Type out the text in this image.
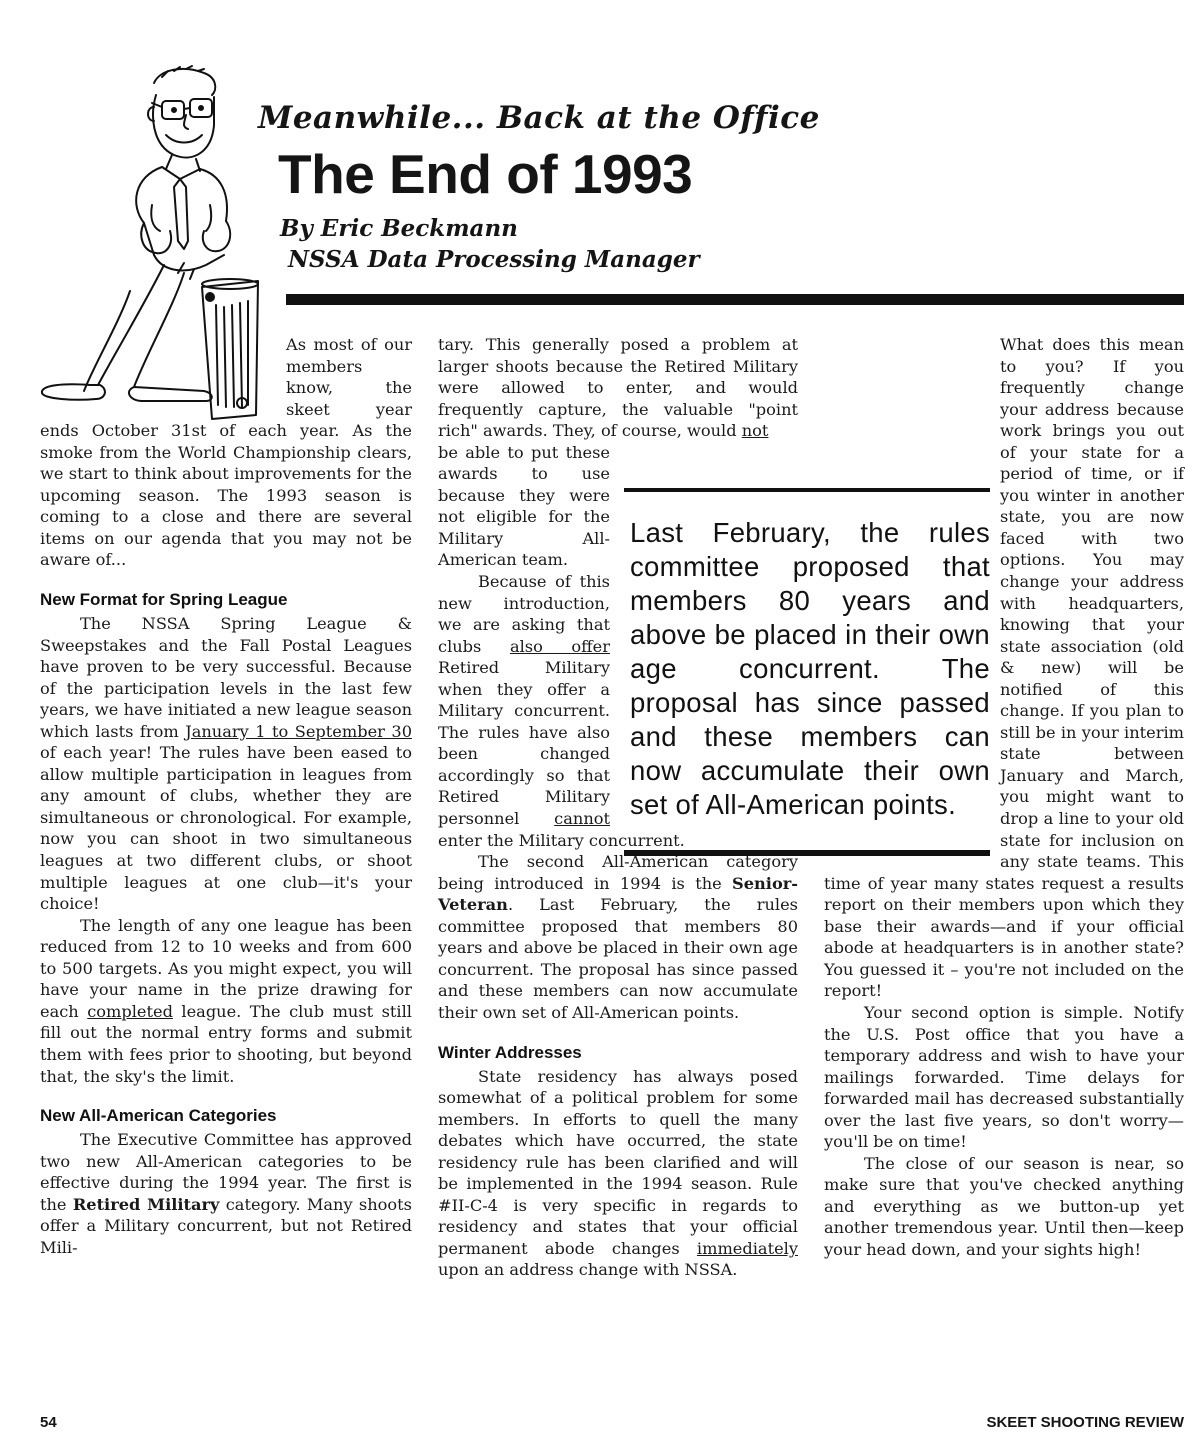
Meanwhile... Back at the Office
The End of 1993
By Eric Beckmann
NSSA Data Processing Manager

As most of our members know, the skeet	year ends October 31st of each year. As the smoke from the World Championship clears, we start to think about improvements for the upcoming season. The 1993 season is coming to a close and there are several items on our agenda that you may not be aware of...

New Format for Spring League

The NSSA Spring League & Sweepstakes and the Fall Postal Leagues have proven to be very successful. Because of the participation levels in the last few years, we have initiated a new league season which lasts from January 1 to September 30 of each year! The rules have been eased to allow multiple participation in leagues from any amount of clubs, whether they are simultaneous or chronological. For example, now you can shoot in two simultaneous leagues at two different clubs, or shoot multiple leagues at one club—it's your choice!

The length of any one league has been reduced from 12 to 10 weeks and from 600 to 500 targets. As you might expect, you will have your name in the prize drawing for each completed league. The club must still fill out the normal entry forms and submit them with fees prior to shooting, but beyond that, the sky's the limit.

New All-American Categories

The Executive Committee has approved two new All-American categories to be effective during the 1994 year. The first is the Retired Military category. Many shoots offer a Military concurrent, but not Retired Mili-

tary. This generally posed a problem at larger shoots because the Retired Military were allowed to enter, and would frequently capture, the valuable "point rich" awards. They, of course, would not

be able to put these awards to use because they were not eligible for the Military All-American team.

Because of this new introduction, we are asking that clubs also offer Retired Military when they offer a Military concurrent. The rules have also been changed accordingly so that Retired Military personnel cannot enter the Military concurrent.

The second All-American category being introduced in 1994 is the Senior-Veteran. Last February, the rules committee proposed that members 80 years and above be placed in their own age concurrent. The proposal has since passed and these members can now accumulate their own set of All-American points.

Winter Addresses

State residency has always posed somewhat of a political problem for some members. In efforts to quell the many debates which have occurred, the state residency rule has been clarified and will be implemented in the 1994 season. Rule #II-C-4 is very specific in regards to residency and states that your official permanent abode changes immediately upon an address change with NSSA.

What does this mean to you? If you frequently change your address because work brings you out of your state for a period of time, or if you winter in another state, you are now faced with two options. You may change your address with headquarters, knowing that your state association (old & new) will be notified of this change. If you plan to still be in your interim state between January and March, you might want to drop a line to your old state for inclusion on any state teams. This time of year many states request a results report on their members upon which they base their awards—and if your official abode at headquarters is in another state? You guessed it – you're not included on the report!

Your second option is simple. Notify the U.S. Post office that you have a temporary address and wish to have your mailings forwarded. Time delays for forwarded mail has decreased substantially over the last five years, so don't worry—you'll be on time!

The close of our season is near, so make sure that you've checked anything and everything as we button-up yet another tremendous year. Until then—keep your head down, and your sights high!

Last February, the rules committee proposed that members 80 years and above be placed in their own age concurrent. The proposal has since passed and these members can now accumulate their own set of All-American points.
54	SKEET SHOOTING REVIEW
